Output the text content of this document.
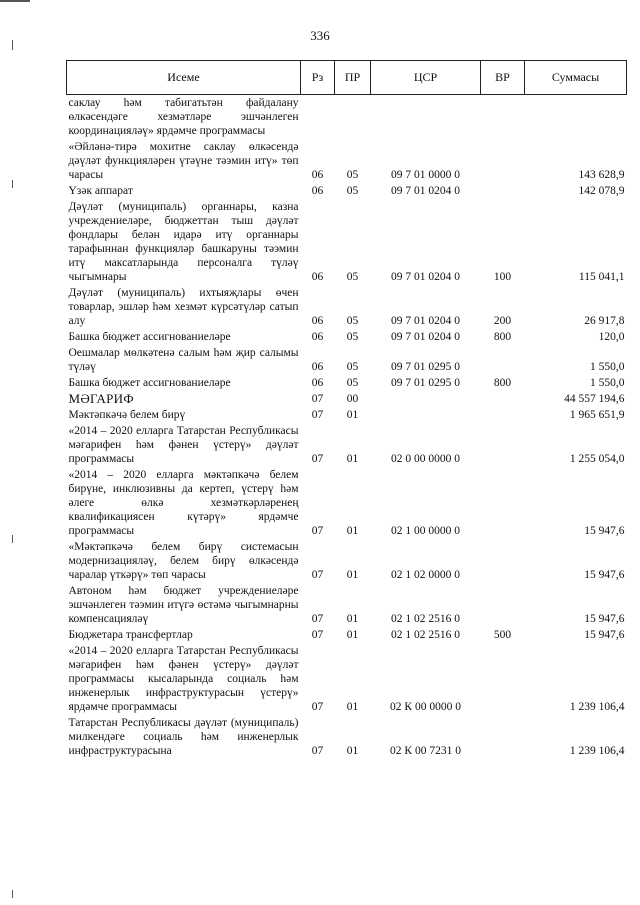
336
Исеме	Рз	ПР	ЦСР	ВР	Суммасы
саклау һәм табигатьтән файдалану өлкәсендәге хезмәтләре эшчәнлеген координацияләү» ярдәмче программасы					
«Әйләнә-тирә мохитне саклау өлкәсендә дәүләт функцияләрен үтәүне тәэмин итү» төп чарасы	06	05	09 7 01 0000 0		143 628,9
Үзәк аппарат	06	05	09 7 01 0204 0		142 078,9
Дәүләт (муниципаль) органнары, казна учреждениеләре, бюджеттан тыш дәүләт фондлары белән идарә итү органнары тарафыннан функцияләр башкаруны тәэмин итү максатларында персоналга түләү чыгымнары	06	05	09 7 01 0204 0	100	115 041,1
Дәүләт (муниципаль) ихтыяҗлары өчен товарлар, эшләр һәм хезмәт күрсәтүләр сатып алу	06	05	09 7 01 0204 0	200	26 917,8
Башка бюджет ассигнованиеләре	06	05	09 7 01 0204 0	800	120,0
Оешмалар мөлкәтенә салым һәм җир салымы түләү	06	05	09 7 01 0295 0		1 550,0
Башка бюджет ассигнованиеләре	06	05	09 7 01 0295 0	800	1 550,0
МӘГАРИФ	07	00			44 557 194,6
Мәктәпкәчә белем бирү	07	01			1 965 651,9
«2014 – 2020 елларга Татарстан Республикасы мәгарифен һәм фәнен үстерү» дәүләт программасы	07	01	02 0 00 0000 0		1 255 054,0
«2014 – 2020 елларга мәктәпкәчә белем бирүне, инклюзивны да кертеп, үстерү һәм әлеге өлкә хезмәткәрләренең квалификациясен күтәрү» ярдәмче программасы	07	01	02 1 00 0000 0		15 947,6
«Мәктәпкәчә белем бирү системасын модернизацияләү, белем бирү өлкәсендә чаралар үткәрү» төп чарасы	07	01	02 1 02 0000 0		15 947,6
Автоном һәм бюджет учреждениеләре эшчәнлеген тәэмин итүгә өстәмә чыгымнарны компенсацияләү	07	01	02 1 02 2516 0		15 947,6
Бюджетара трансфертлар	07	01	02 1 02 2516 0	500	15 947,6
«2014 – 2020 елларга Татарстан Республикасы мәгарифен һәм фәнен үстерү» дәүләт программасы кысаларында социаль һәм инженерлык инфраструктурасын үстерү» ярдәмче программасы	07	01	02 К 00 0000 0		1 239 106,4
Татарстан Республикасы дәүләт (муниципаль) милкендәге социаль һәм инженерлык инфраструктурасына	07	01	02 К 00 7231 0		1 239 106,4
